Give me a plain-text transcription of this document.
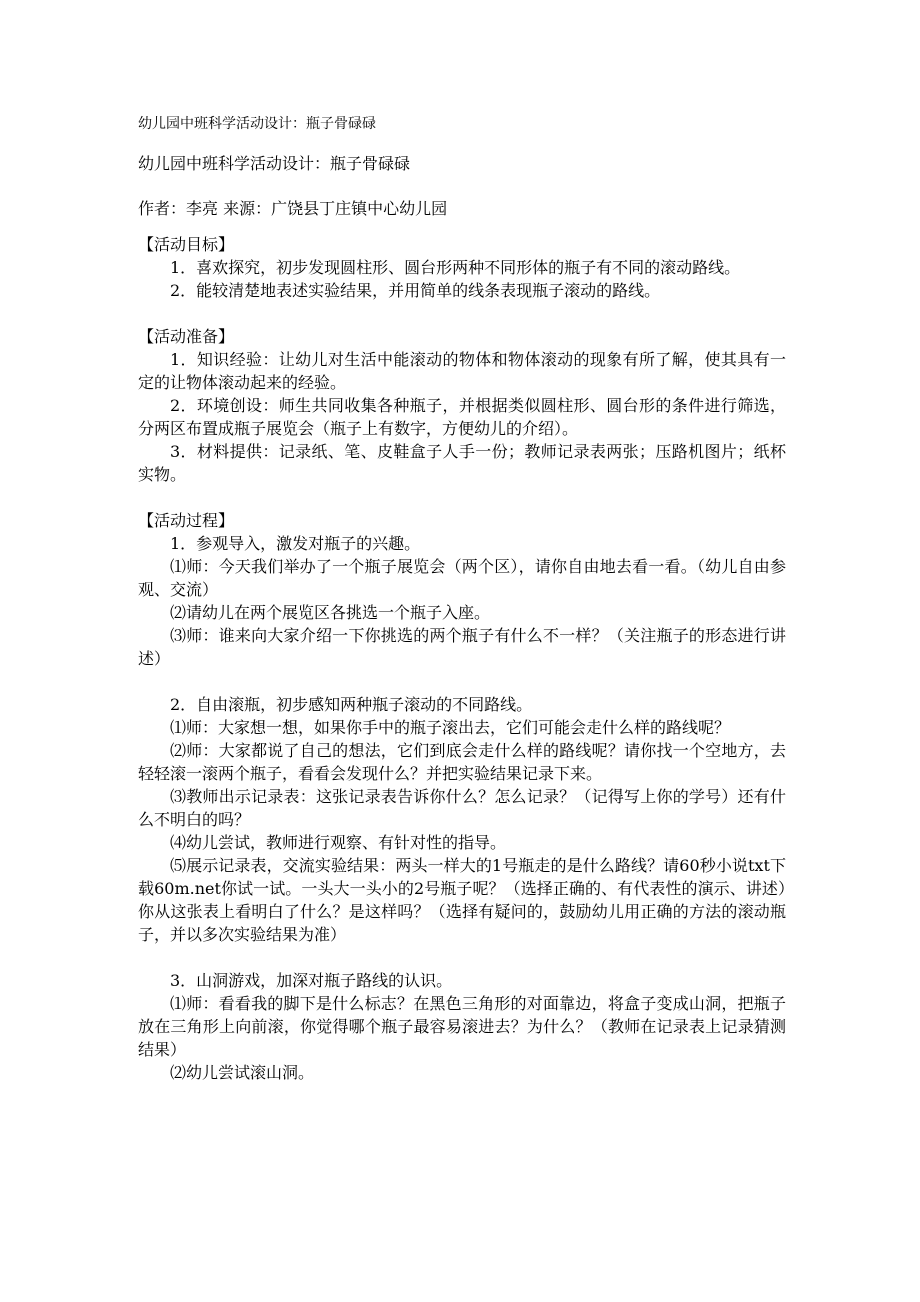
幼儿园中班科学活动设计：瓶子骨碌碌

幼儿园中班科学活动设计：瓶子骨碌碌

作者：李亮 来源：广饶县丁庄镇中心幼儿园

【活动目标】

1．喜欢探究，初步发现圆柱形、圆台形两种不同形体的瓶子有不同的滚动路线。

2．能较清楚地表述实验结果，并用简单的线条表现瓶子滚动的路线。

【活动准备】

1．知识经验：让幼儿对生活中能滚动的物体和物体滚动的现象有所了解，使其具有一定的让物体滚动起来的经验。

2．环境创设：师生共同收集各种瓶子，并根据类似圆柱形、圆台形的条件进行筛选，分两区布置成瓶子展览会（瓶子上有数字，方便幼儿的介绍）。

3．材料提供：记录纸、笔、皮鞋盒子人手一份；教师记录表两张；压路机图片；纸杯实物。

【活动过程】

1．参观导入，激发对瓶子的兴趣。

⑴师：今天我们举办了一个瓶子展览会（两个区），请你自由地去看一看。（幼儿自由参观、交流）

⑵请幼儿在两个展览区各挑选一个瓶子入座。

⑶师：谁来向大家介绍一下你挑选的两个瓶子有什么不一样？（关注瓶子的形态进行讲述）

2．自由滚瓶，初步感知两种瓶子滚动的不同路线。

⑴师：大家想一想，如果你手中的瓶子滚出去，它们可能会走什么样的路线呢？

⑵师：大家都说了自己的想法，它们到底会走什么样的路线呢？请你找一个空地方，去轻轻滚一滚两个瓶子，看看会发现什么？并把实验结果记录下来。

⑶教师出示记录表：这张记录表告诉你什么？怎么记录？（记得写上你的学号）还有什么不明白的吗？

⑷幼儿尝试，教师进行观察、有针对性的指导。

⑸展示记录表，交流实验结果：两头一样大的1号瓶走的是什么路线？请60秒小说txt下载60m.net你试一试。一头大一头小的2号瓶子呢？（选择正确的、有代表性的演示、讲述）你从这张表上看明白了什么？是这样吗？（选择有疑问的，鼓励幼儿用正确的方法的滚动瓶子，并以多次实验结果为准）

3．山洞游戏，加深对瓶子路线的认识。

⑴师：看看我的脚下是什么标志？在黑色三角形的对面靠边，将盒子变成山洞，把瓶子放在三角形上向前滚，你觉得哪个瓶子最容易滚进去？为什么？（教师在记录表上记录猜测结果）

⑵幼儿尝试滚山洞。
